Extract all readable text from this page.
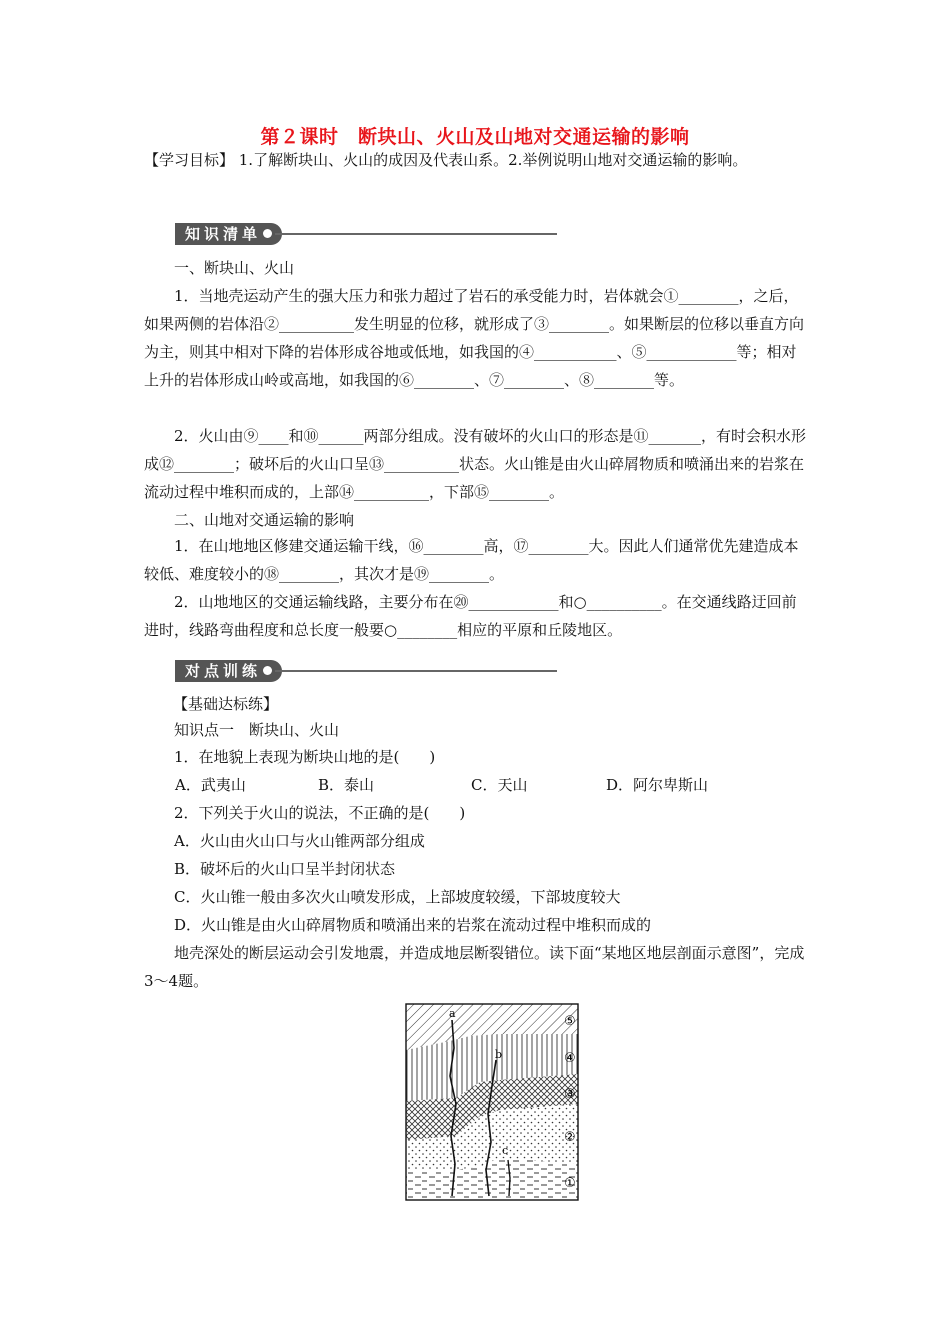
第２课时　断块山、火山及山地对交通运输的影响

【学习目标】 1.了解断块山、火山的成因及代表山系。2.举例说明山地对交通运输的影响。

知识清单

一、断块山、火山

1．当地壳运动产生的强大压力和张力超过了岩石的承受能力时，岩体就会①________，之后，如果两侧的岩体沿②__________发生明显的位移，就形成了③________。如果断层的位移以垂直方向为主，则其中相对下降的岩体形成谷地或低地，如我国的④___________、⑤____________等；相对上升的岩体形成山岭或高地，如我国的⑥________、⑦________、⑧________等。

2．火山由⑨____和⑩______两部分组成。没有破坏的火山口的形态是⑪_______，有时会积水形成⑫________；破坏后的火山口呈⑬__________状态。火山锥是由火山碎屑物质和喷涌出来的岩浆在流动过程中堆积而成的，上部⑭__________，下部⑮________。

二、山地对交通运输的影响

1．在山地地区修建交通运输干线，⑯________高，⑰________大。因此人们通常优先建造成本较低、难度较小的⑱________，其次才是⑲________。

2．山地地区的交通运输线路，主要分布在⑳____________和○__________。在交通线路迂回前进时，线路弯曲程度和总长度一般要○________相应的平原和丘陵地区。

对点训练

【基础达标练】

知识点一　断块山、火山

1．在地貌上表现为断块山地的是(　　)

A．武夷山	B．泰山	C．天山	D．阿尔卑斯山

2．下列关于火山的说法，不正确的是(　　)

A．火山由火山口与火山锥两部分组成

B．破坏后的火山口呈半封闭状态

C．火山锥一般由多次火山喷发形成，上部坡度较缓，下部坡度较大

D．火山锥是由火山碎屑物质和喷涌出来的岩浆在流动过程中堆积而成的

地壳深处的断层运动会引发地震，并造成地层断裂错位。读下面“某地区地层剖面示意图”，完成3～4题。

a
b
c
⑤
④
③
②
①
